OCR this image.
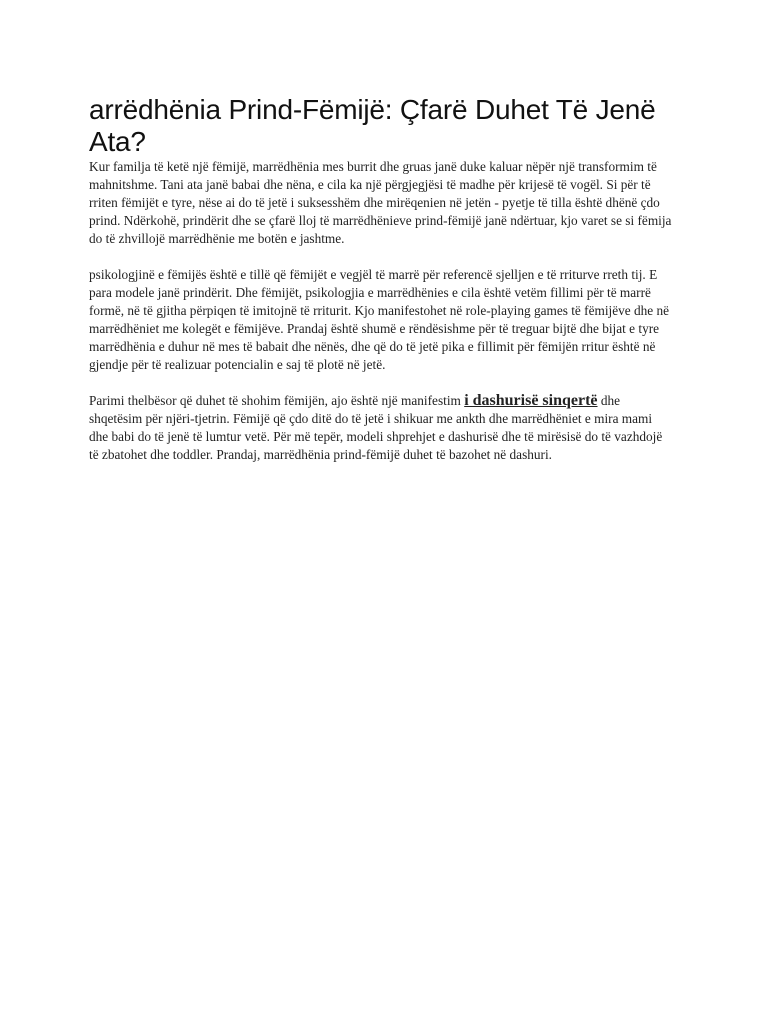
arrëdhënia Prind-Fëmijë: Çfarë Duhet Të Jenë Ata?

Kur familja të ketë një fëmijë, marrëdhënia mes burrit dhe gruas janë duke kaluar nëpër një transformim të mahnitshme. Tani ata janë babai dhe nëna, e cila ka një përgjegjësi të madhe për krijesë të vogël. Si për të rriten fëmijët e tyre, nëse ai do të jetë i suksesshëm dhe mirëqenien në jetën - pyetje të tilla është dhënë çdo prind. Ndërkohë, prindërit dhe se çfarë lloj të marrëdhënieve prind-fëmijë janë ndërtuar, kjo varet se si fëmija do të zhvillojë marrëdhënie me botën e jashtme.

psikologjinë e fëmijës është e tillë që fëmijët e vegjël të marrë për referencë sjelljen e të rriturve rreth tij. E para modele janë prindërit. Dhe fëmijët, psikologjia e marrëdhënies e cila është vetëm fillimi për të marrë formë, në të gjitha përpiqen të imitojnë të rriturit. Kjo manifestohet në role-playing games të fëmijëve dhe në marrëdhëniet me kolegët e fëmijëve. Prandaj është shumë e rëndësishme për të treguar bijtë dhe bijat e tyre marrëdhënia e duhur në mes të babait dhe nënës, dhe që do të jetë pika e fillimit për fëmijën rritur është në gjendje për të realizuar potencialin e saj të plotë në jetë.

Parimi thelbësor që duhet të shohim fëmijën, ajo është një manifestim i dashurisë sinqertë dhe shqetësim për njëri-tjetrin. Fëmijë që çdo ditë do të jetë i shikuar me ankth dhe marrëdhëniet e mira mami dhe babi do të jenë të lumtur vetë. Për më tepër, modeli shprehjet e dashurisë dhe të mirësisë do të vazhdojë të zbatohet dhe toddler. Prandaj, marrëdhënia prind-fëmijë duhet të bazohet në dashuri.
